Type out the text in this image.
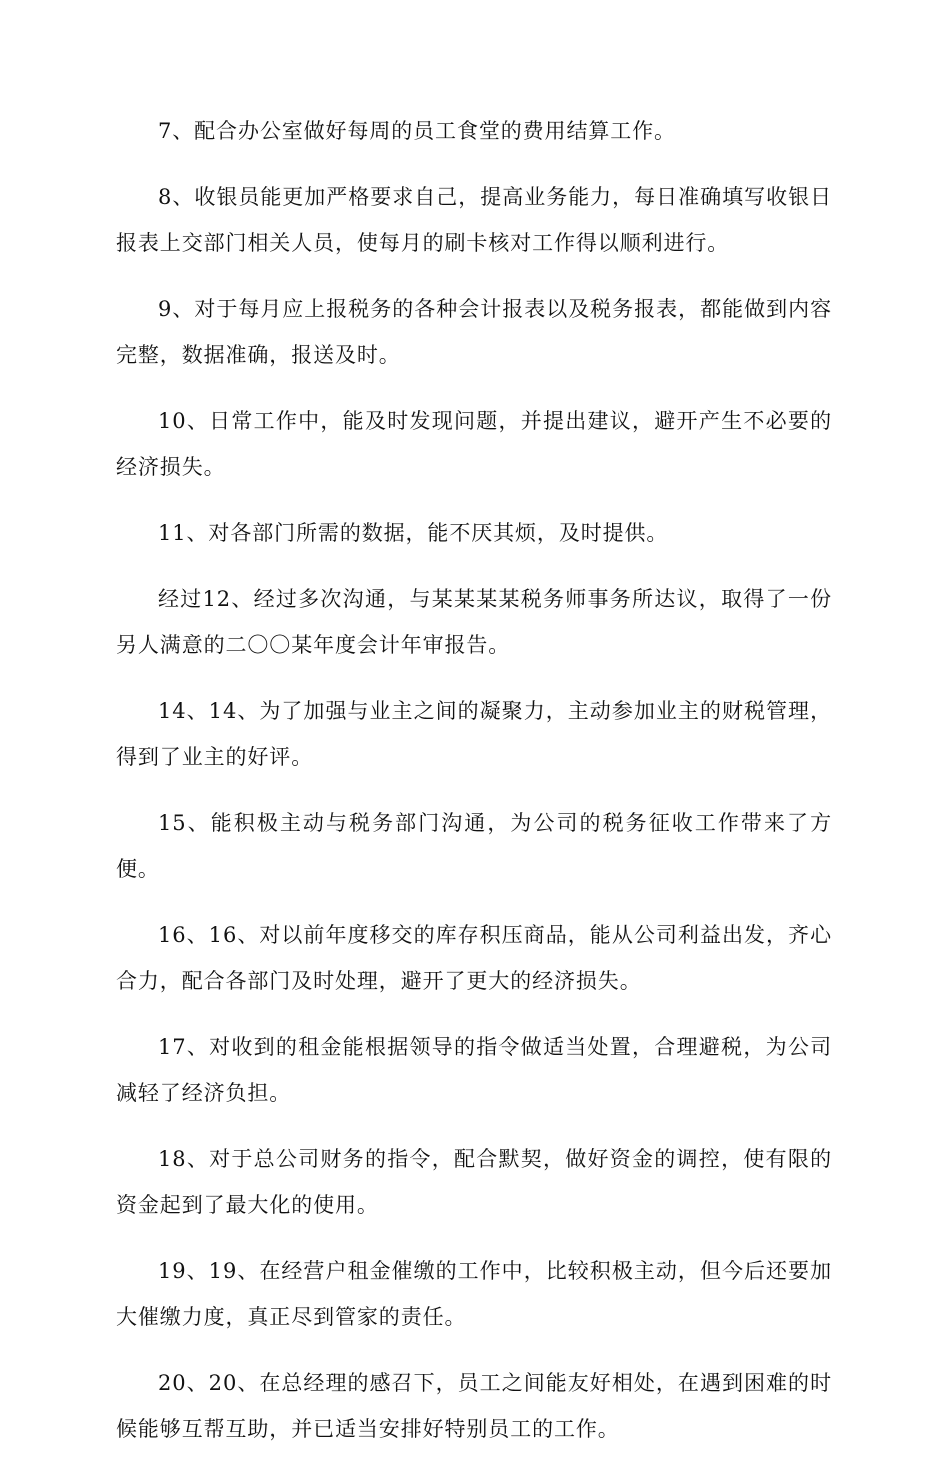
7、配合办公室做好每周的员工食堂的费用结算工作。

8、收银员能更加严格要求自己，提高业务能力，每日准确填写收银日报表上交部门相关人员，使每月的刷卡核对工作得以顺利进行。

9、对于每月应上报税务的各种会计报表以及税务报表，都能做到内容完整，数据准确，报送及时。

10、日常工作中，能及时发现问题，并提出建议，避开产生不必要的经济损失。

11、对各部门所需的数据，能不厌其烦，及时提供。

经过12、经过多次沟通，与某某某某税务师事务所达议，取得了一份另人满意的二〇〇某年度会计年审报告。

14、14、为了加强与业主之间的凝聚力，主动参加业主的财税管理，得到了业主的好评。

15、能积极主动与税务部门沟通，为公司的税务征收工作带来了方便。

16、16、对以前年度移交的库存积压商品，能从公司利益出发，齐心合力，配合各部门及时处理，避开了更大的经济损失。

17、对收到的租金能根据领导的指令做适当处置，合理避税，为公司减轻了经济负担。

18、对于总公司财务的指令，配合默契，做好资金的调控，使有限的资金起到了最大化的使用。

19、19、在经营户租金催缴的工作中，比较积极主动，但今后还要加大催缴力度，真正尽到管家的责任。

20、20、在总经理的感召下，员工之间能友好相处，在遇到困难的时候能够互帮互助，并已适当安排好特别员工的工作。
